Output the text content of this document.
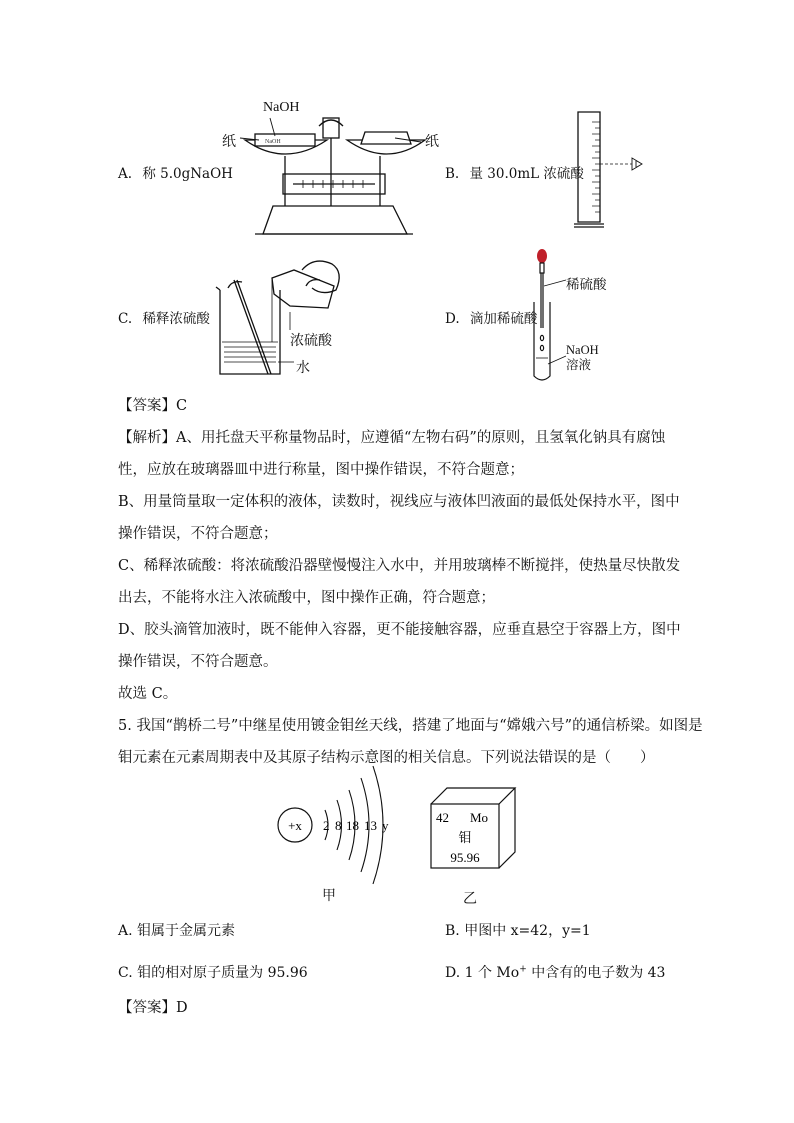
A. 称 5.0gNaOH
NaOH
NaOH
纸	纸
B. 量 30.0mL 浓硫酸
C. 稀释浓硫酸
浓硫酸
水
D. 滴加稀硫酸
稀硫酸
NaOH
溶液
【答案】C
【解析】A、用托盘天平称量物品时，应遵循“左物右码”的原则，且氢氧化钠具有腐蚀
性，应放在玻璃器皿中进行称量，图中操作错误，不符合题意；
B、用量筒量取一定体积的液体，读数时，视线应与液体凹液面的最低处保持水平，图中
操作错误，不符合题意；
C、稀释浓硫酸：将浓硫酸沿器壁慢慢注入水中，并用玻璃棒不断搅拌，使热量尽快散发
出去，不能将水注入浓硫酸中，图中操作正确，符合题意；
D、胶头滴管加液时，既不能伸入容器，更不能接触容器，应垂直悬空于容器上方，图中
操作错误，不符合题意。
故选 C。
5. 我国“鹊桥二号”中继星使用镀金钼丝天线，搭建了地面与“嫦娥六号”的通信桥梁。如图是
钼元素在元素周期表中及其原子结构示意图的相关信息。下列说法错误的是（　　）
+x 2 8 18 13 y
甲
42 Mo
钼
95.96
乙
A. 钼属于金属元素	B. 甲图中 x=42，y=1
C. 钼的相对原子质量为 95.96	D. 1 个 Mo+ 中含有的电子数为 43
【答案】D
